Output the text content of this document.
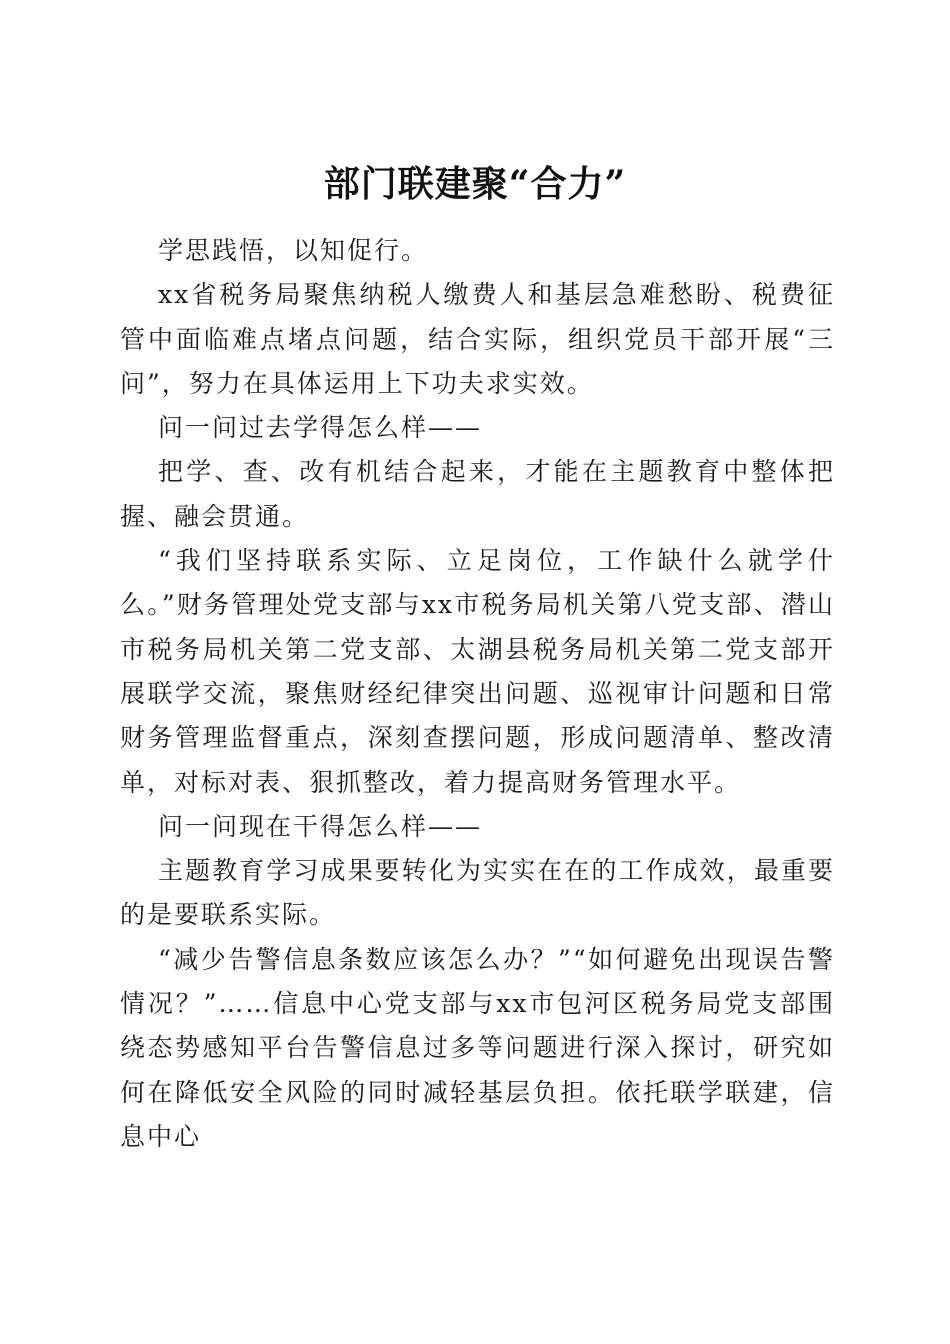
部门联建聚“合力”

学思践悟，以知促行。

xx省税务局聚焦纳税人缴费人和基层急难愁盼、税费征管中面临难点堵点问题，结合实际，组织党员干部开展“三问”，努力在具体运用上下功夫求实效。

问一问过去学得怎么样——

把学、查、改有机结合起来，才能在主题教育中整体把握、融会贯通。

“我们坚持联系实际、立足岗位，工作缺什么就学什么。”财务管理处党支部与xx市税务局机关第八党支部、潜山市税务局机关第二党支部、太湖县税务局机关第二党支部开展联学交流，聚焦财经纪律突出问题、巡视审计问题和日常财务管理监督重点，深刻查摆问题，形成问题清单、整改清单，对标对表、狠抓整改，着力提高财务管理水平。

问一问现在干得怎么样——

主题教育学习成果要转化为实实在在的工作成效，最重要的是要联系实际。

“减少告警信息条数应该怎么办？”“如何避免出现误告警情况？”……信息中心党支部与xx市包河区税务局党支部围绕态势感知平台告警信息过多等问题进行深入探讨，研究如何在降低安全风险的同时减轻基层负担。依托联学联建，信息中心
